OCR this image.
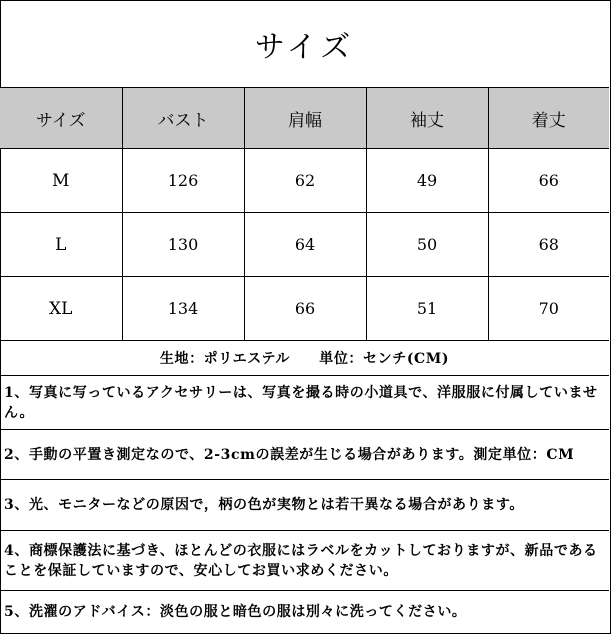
サイズ
サイズ	バスト	肩幅	袖丈	着丈
M	126	62	49	66
L	130	64	50	68
XL	134	66	51	70
生地：ポリエステル　　単位：センチ(CM)
1、写真に写っているアクセサリーは、写真を撮る時の小道具で、洋服服に付属していません。
2、手動の平置き測定なので、2-3cmの誤差が生じる場合があります。測定単位：CM
3、光、モニターなどの原因で，柄の色が実物とは若干異なる場合があります。
4、商標保護法に基づき、ほとんどの衣服にはラベルをカットしておりますが、新品であることを保証していますので、安心してお買い求めください。
5、洗濯のアドバイス：淡色の服と暗色の服は別々に洗ってください。
